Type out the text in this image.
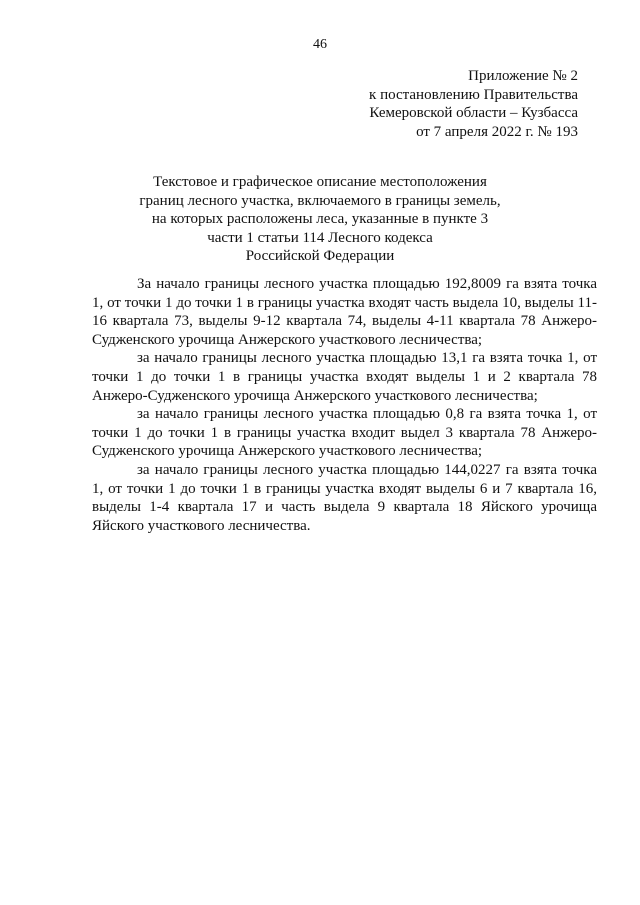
46
Приложение № 2
к постановлению Правительства
Кемеровской области – Кузбасса
от 7 апреля 2022 г. № 193
Текстовое и графическое описание местоположения
границ лесного участка, включаемого в границы земель,
на которых расположены леса, указанные в пункте 3
части 1 статьи 114 Лесного кодекса
Российской Федерации

За начало границы лесного участка площадью 192,8009 га взята точка 1, от точки 1 до точки 1 в границы участка входят часть выдела 10, выделы 11-16 квартала 73, выделы 9-12 квартала 74, выделы 4-11 квартала 78 Анжеро-Судженского урочища Анжерского участкового лесничества;

за начало границы лесного участка площадью 13,1 га взята точка 1, от точки 1 до точки 1 в границы участка входят выделы 1 и 2 квартала 78 Анжеро-Судженского урочища Анжерского участкового лесничества;

за начало границы лесного участка площадью 0,8 га взята точка 1, от точки 1 до точки 1 в границы участка входит выдел 3 квартала 78 Анжеро-Судженского урочища Анжерского участкового лесничества;

за начало границы лесного участка площадью 144,0227 га взята точка 1, от точки 1 до точки 1 в границы участка входят выделы 6 и 7 квартала 16, выделы 1-4 квартала 17 и часть выдела 9 квартала 18 Яйского урочища Яйского участкового лесничества.
